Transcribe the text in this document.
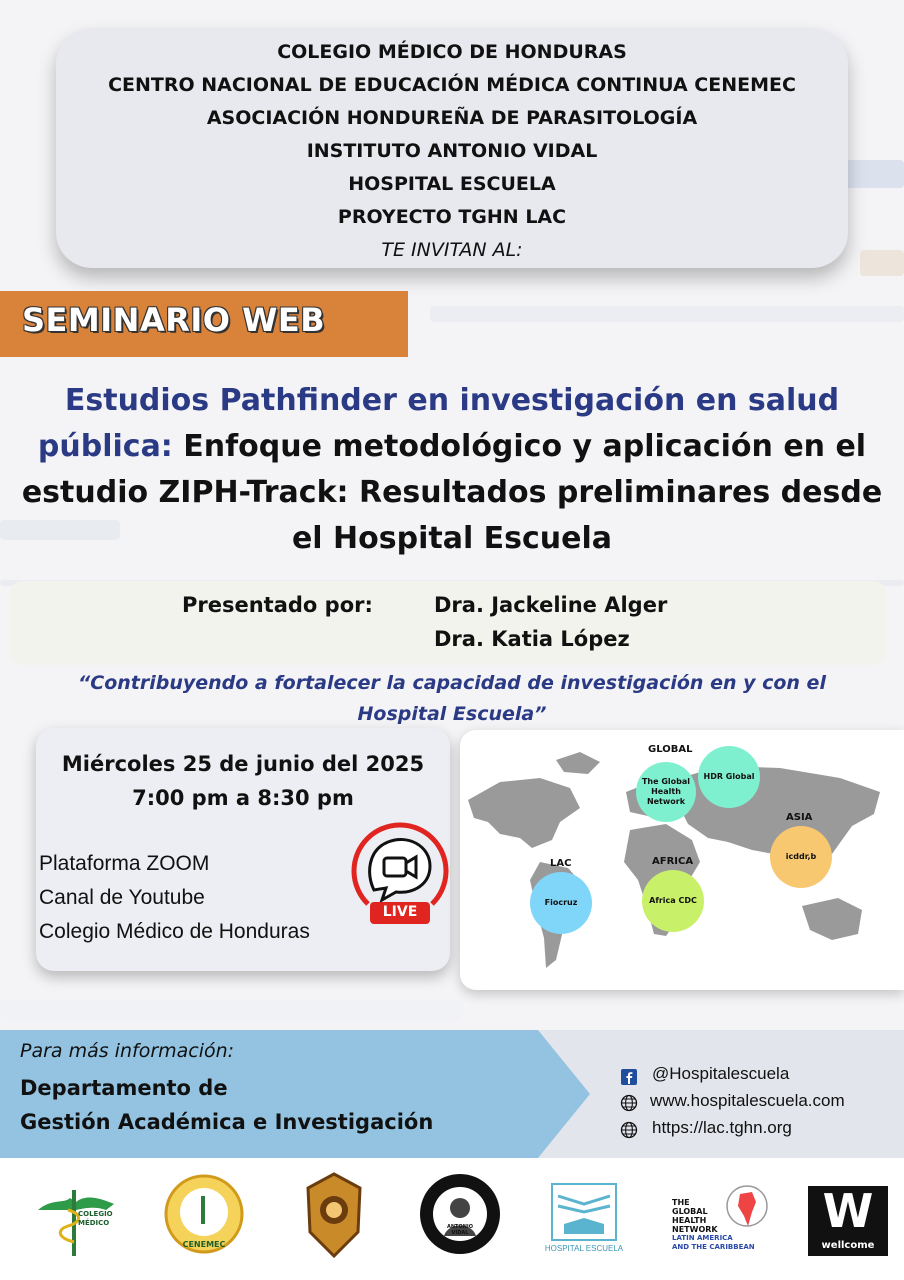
COLEGIO MÉDICO DE HONDURAS
CENTRO NACIONAL DE EDUCACIÓN MÉDICA CONTINUA CENEMEC
ASOCIACIÓN HONDUREÑA DE PARASITOLOGÍA
INSTITUTO ANTONIO VIDAL
HOSPITAL ESCUELA
PROYECTO TGHN LAC
TE INVITAN AL:
SEMINARIO WEB
Estudios Pathfinder en investigación en salud pública: Enfoque metodológico y aplicación en el estudio ZIPH-Track: Resultados preliminares desde el Hospital Escuela
Presentado por:	Dra. Jackeline Alger
Dra. Katia López
“Contribuyendo a fortalecer la capacidad de investigación en y con el Hospital Escuela”
Miércoles 25 de junio del 2025
7:00 pm a 8:30 pm
Plataforma ZOOM
Canal de Youtube
Colegio Médico de Honduras
LIVE
GLOBAL
ASIA
AFRICA
LAC
The Global Health Network
HDR Global
icddr,b
Africa CDC
Fiocruz
Para más información:
Departamento de
Gestión Académica e Investigación
@Hospitalescuela
www.hospitalescuela.com
https://lac.tghn.org
COLEGIO MÉDICO
CENEMEC
ANTONIO VIDAL
HOSPITAL ESCUELA
THE
GLOBAL
HEALTH
NETWORK
LATIN AMERICA
AND THE CARIBBEAN
W
wellcome
